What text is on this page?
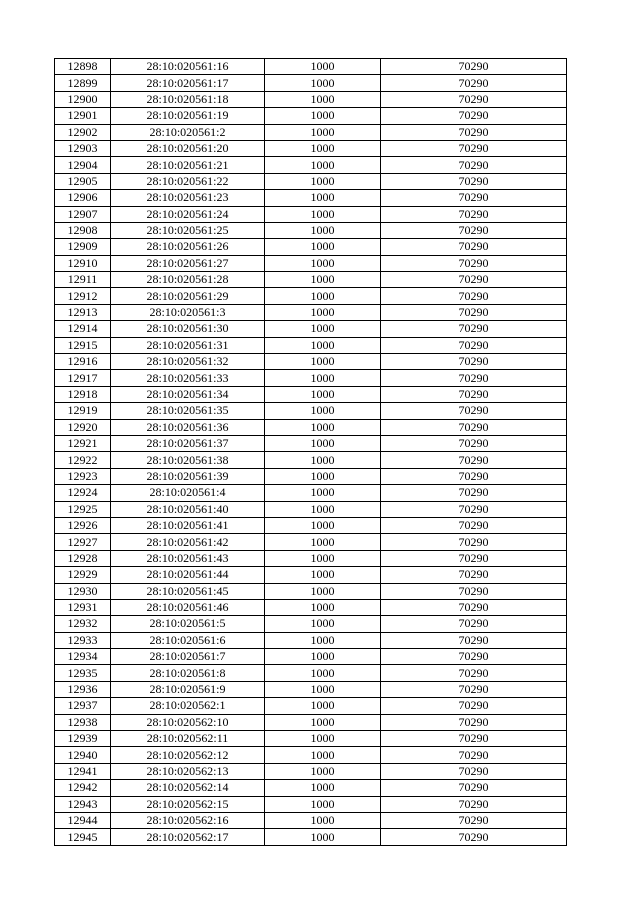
12898	28:10:020561:16	1000	70290
12899	28:10:020561:17	1000	70290
12900	28:10:020561:18	1000	70290
12901	28:10:020561:19	1000	70290
12902	28:10:020561:2	1000	70290
12903	28:10:020561:20	1000	70290
12904	28:10:020561:21	1000	70290
12905	28:10:020561:22	1000	70290
12906	28:10:020561:23	1000	70290
12907	28:10:020561:24	1000	70290
12908	28:10:020561:25	1000	70290
12909	28:10:020561:26	1000	70290
12910	28:10:020561:27	1000	70290
12911	28:10:020561:28	1000	70290
12912	28:10:020561:29	1000	70290
12913	28:10:020561:3	1000	70290
12914	28:10:020561:30	1000	70290
12915	28:10:020561:31	1000	70290
12916	28:10:020561:32	1000	70290
12917	28:10:020561:33	1000	70290
12918	28:10:020561:34	1000	70290
12919	28:10:020561:35	1000	70290
12920	28:10:020561:36	1000	70290
12921	28:10:020561:37	1000	70290
12922	28:10:020561:38	1000	70290
12923	28:10:020561:39	1000	70290
12924	28:10:020561:4	1000	70290
12925	28:10:020561:40	1000	70290
12926	28:10:020561:41	1000	70290
12927	28:10:020561:42	1000	70290
12928	28:10:020561:43	1000	70290
12929	28:10:020561:44	1000	70290
12930	28:10:020561:45	1000	70290
12931	28:10:020561:46	1000	70290
12932	28:10:020561:5	1000	70290
12933	28:10:020561:6	1000	70290
12934	28:10:020561:7	1000	70290
12935	28:10:020561:8	1000	70290
12936	28:10:020561:9	1000	70290
12937	28:10:020562:1	1000	70290
12938	28:10:020562:10	1000	70290
12939	28:10:020562:11	1000	70290
12940	28:10:020562:12	1000	70290
12941	28:10:020562:13	1000	70290
12942	28:10:020562:14	1000	70290
12943	28:10:020562:15	1000	70290
12944	28:10:020562:16	1000	70290
12945	28:10:020562:17	1000	70290
